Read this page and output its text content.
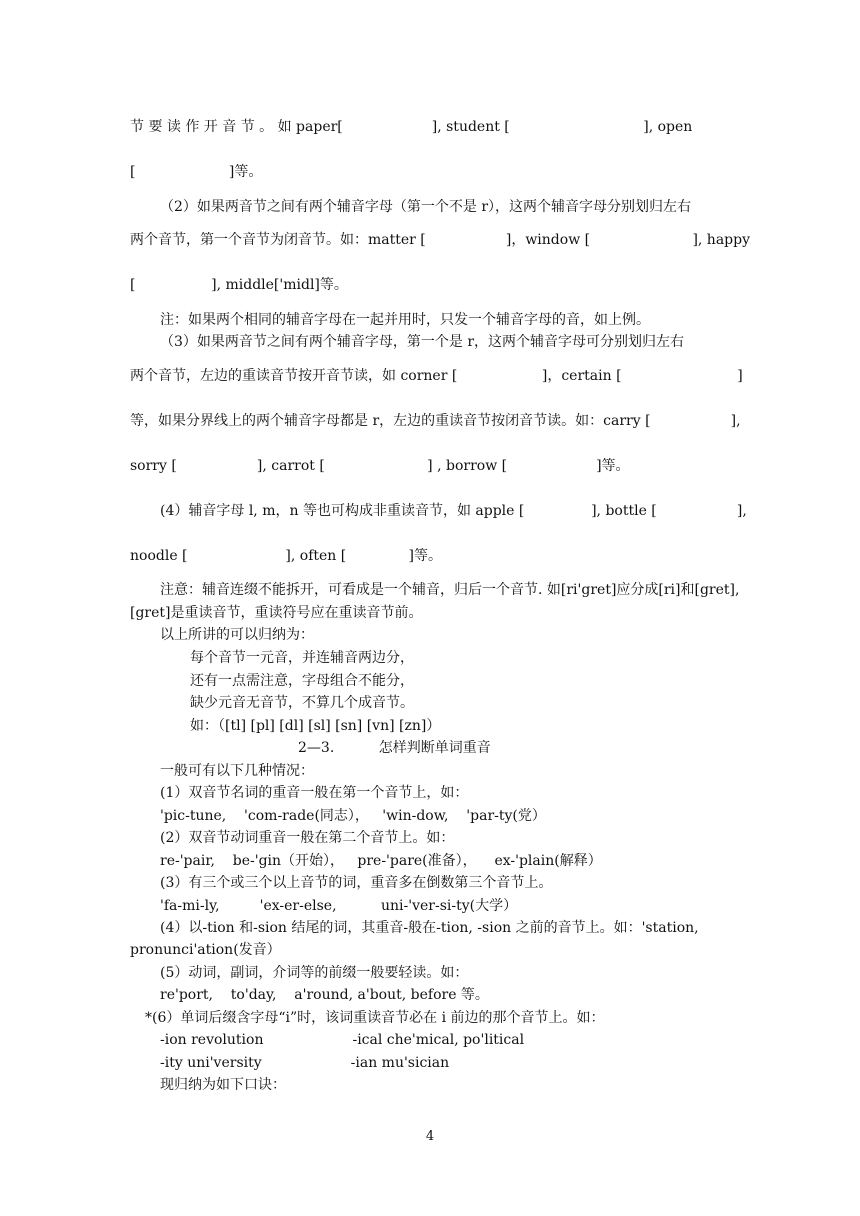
节 要 读 作 开 音 节 。 如 paper[                    ], student [                              ], open
[                     ]等。
（2）如果两音节之间有两个辅音字母（第一个不是 r），这两个辅音字母分别划归左右
两个音节，第一个音节为闭音节。如：matter [                  ]，window [                       ], happy
[                 ], middle['midl]等。
注：如果两个相同的辅音字母在一起并用时，只发一个辅音字母的音，如上例。
（3）如果两音节之间有两个辅音字母，第一个是 r，这两个辅音字母可分别划归左右
两个音节，左边的重读音节按开音节读，如 corner [                   ]，certain [                          ]
等，如果分界线上的两个辅音字母都是 r，左边的重读音节按闭音节读。如：carry [                  ],
sorry [                  ], carrot [                       ] , borrow [                    ]等。
(4）辅音字母 l, m，n 等也可构成非重读音节，如 apple [               ], bottle [                  ],
noodle [                      ], often [              ]等。
注意：辅音连缀不能拆开，可看成是一个辅音，归后一个音节. 如[ri'gret]应分成[ri]和[gret],
[gret]是重读音节，重读符号应在重读音节前。
以上所讲的可以归纳为：
每个音节一元音，并连辅音两边分，
还有一点需注意，字母组合不能分，
缺少元音无音节，不算几个成音节。
如：（[tl] [pl] [dl] [sl] [sn] [vn] [zn]）
2—3.          怎样判断单词重音
一般可有以下几种情况：
(1）双音节名词的重音一般在第一个音节上，如：
'pic-tune,    'com-rade(同志），   'win-dow,    'par-ty(党）
(2）双音节动词重音一般在第二个音节上。如：
re-'pair,    be-'gin（开始），   pre-'pare(准备），    ex-'plain(解释）
(3）有三个或三个以上音节的词，重音多在倒数第三个音节上。
'fa-mi-ly,         'ex-er-else,          uni-'ver-si-ty(大学）
(4）以-tion 和-sion 结尾的词，其重音-般在-tion, -sion 之前的音节上。如：'station,
pronunci'ation(发音）
(5）动词，副词，介词等的前缀一般要轻读。如：
re'port,    to'day,    a'round, a'bout, before 等。
*(6）单词后缀含字母“i”时，该词重读音节必在 i 前边的那个音节上。如：
-ion revolution                    -ical che'mical, po'litical
-ity uni'versity                    -ian mu'sician
现归纳为如下口诀：
4
